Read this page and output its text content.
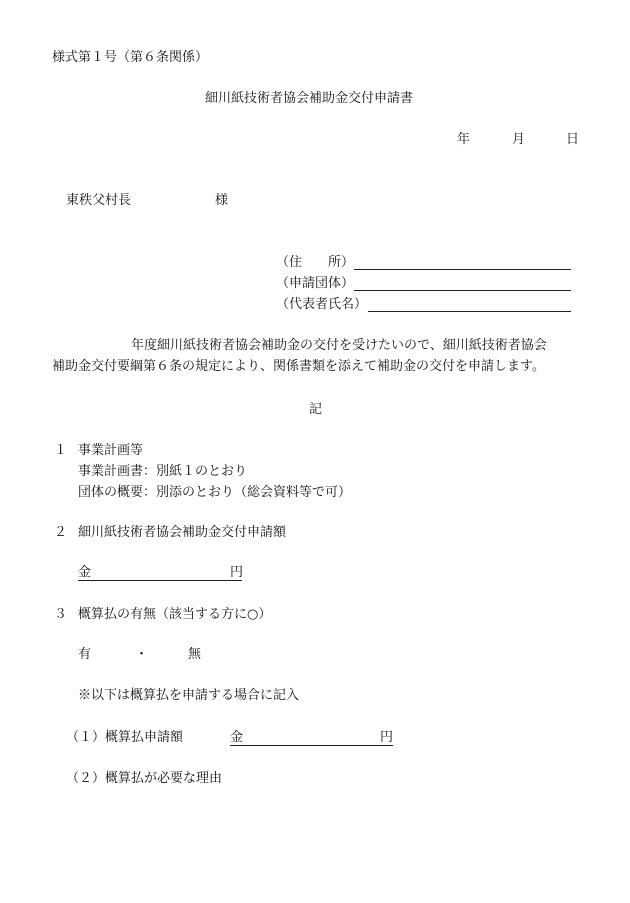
様式第１号（第６条関係）
細川紙技術者協会補助金交付申請書
年	月	日
東秩父村長	様
（住　　所）
（申請団体）
（代表者氏名）
年度細川紙技術者協会補助金の交付を受けたいので、細川紙技術者協会
補助金交付要綱第６条の規定により、関係書類を添えて補助金の交付を申請します。
記
１ 事業計画等
事業計画書：別紙１のとおり
団体の概要：別添のとおり（総会資料等で可）
２ 細川紙技術者協会補助金交付申請額
金	円
３ 概算払の有無（該当する方に○）
有	・	無
※以下は概算払を申請する場合に記入
（１）概算払申請額	金	円
（２）概算払が必要な理由
